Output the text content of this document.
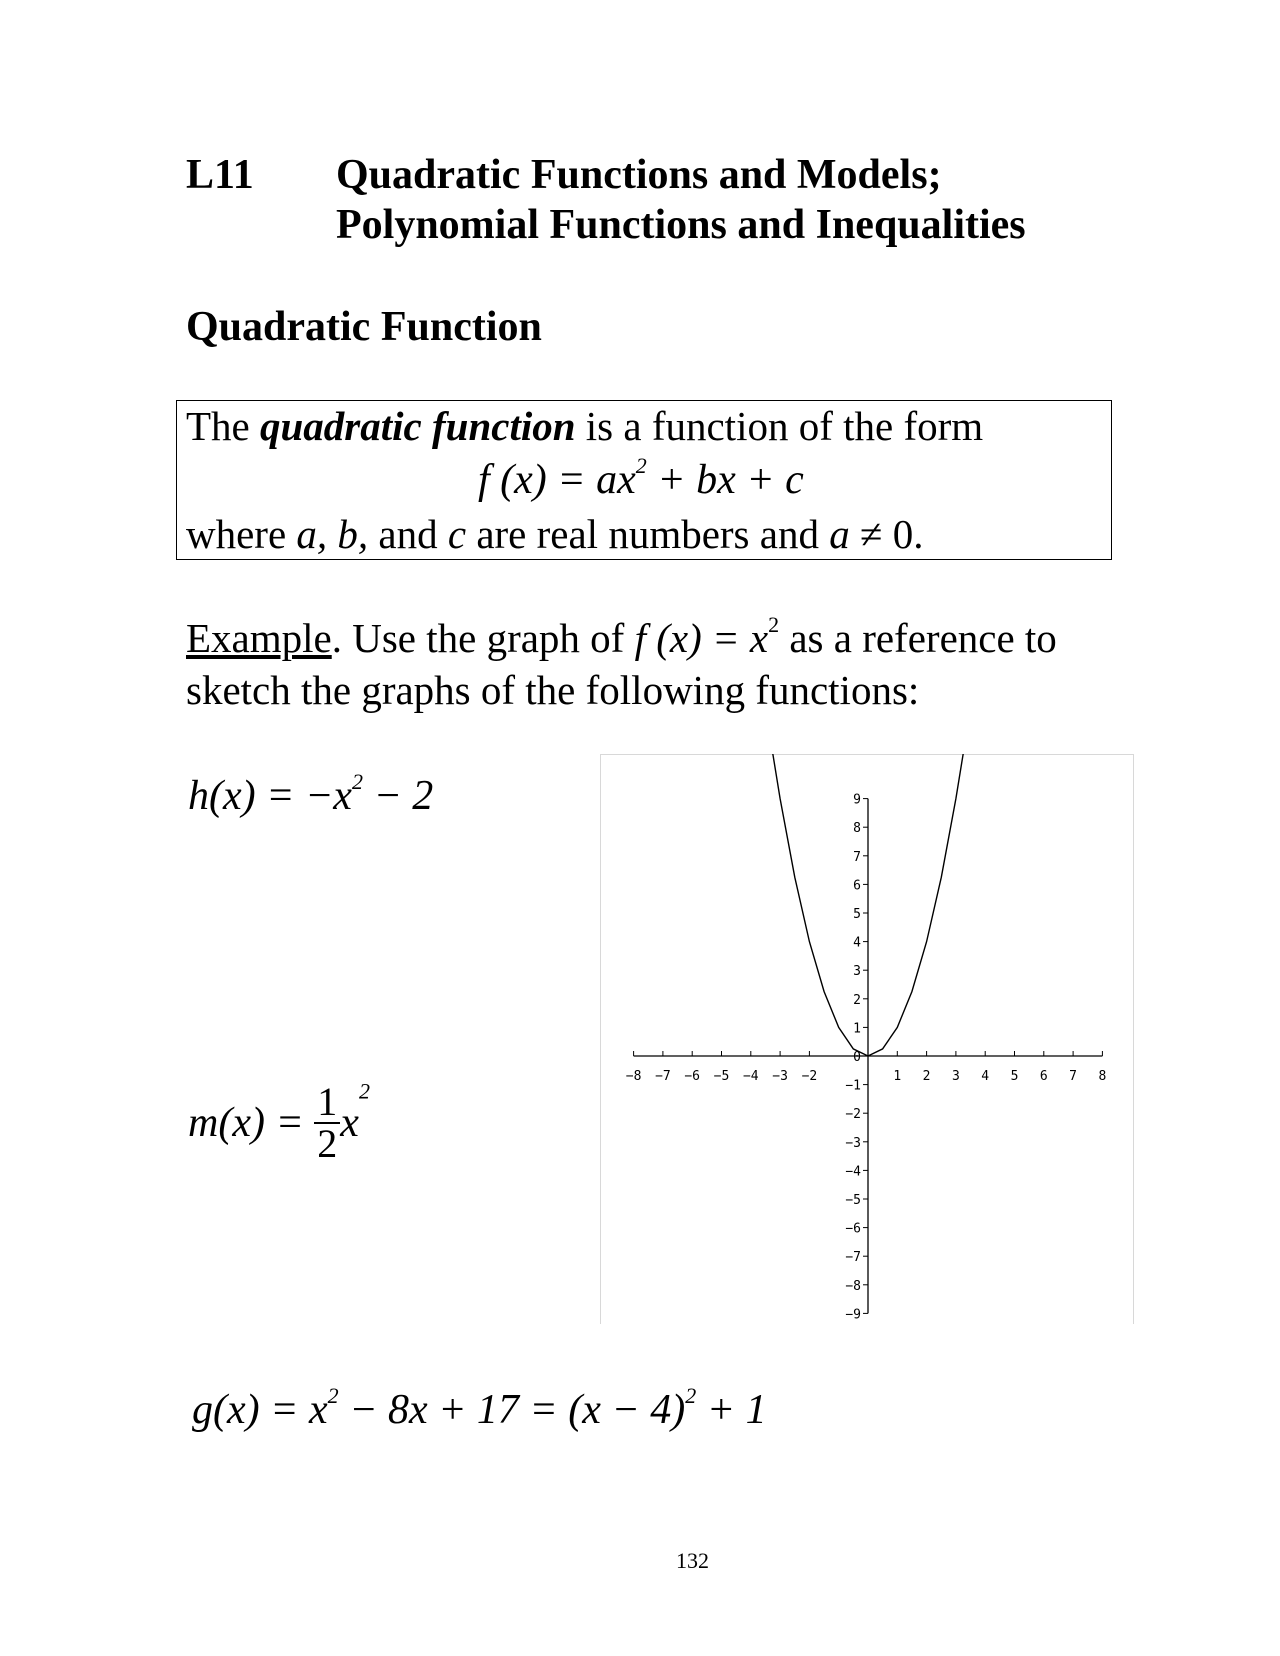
L11 Quadratic Functions and Models;
Polynomial Functions and Inequalities
Quadratic Function
The quadratic function is a function of the form
f $(x) = ax^2$ + bx + c
where a, b, and c are real numbers and a ≠ 0.
Example. Use the graph of f $(x) = x^2$ as a reference to
sketch the graphs of the following functions:
$h(x) = -x^2 - 2$
$m(x) = \frac{1}{2} x^2$
$g(x) = x^2 - 8x + 17 = (x - 4)^2 + 1$
−8 −7 −6 −5 −4 −3 −2	1 2 3 4 5 6 7 8
9
8
7
6
5
4
3
2
1
0
−1
−2
−3
−4
−5
−6
−7
−8
−9
132
